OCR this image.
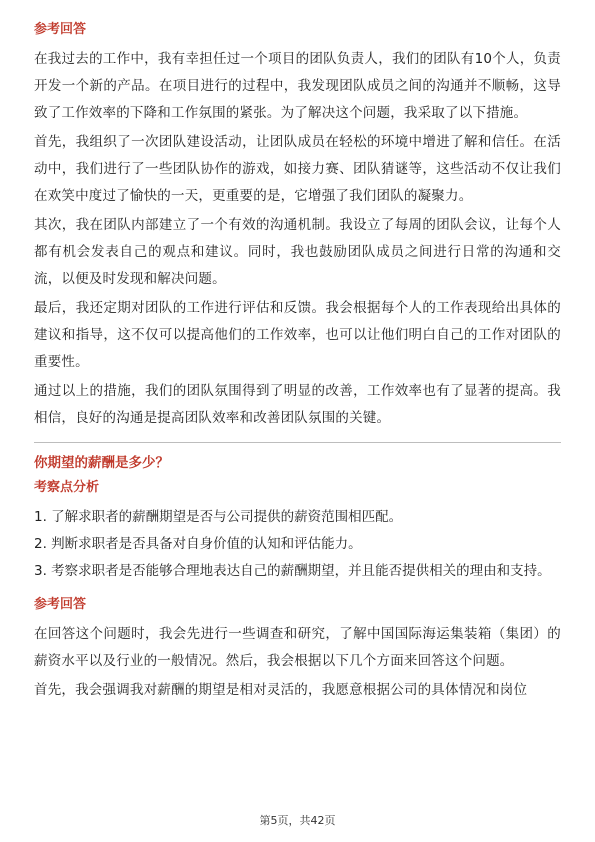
参考回答

在我过去的工作中，我有幸担任过一个项目的团队负责人，我们的团队有10个人，负责开发一个新的产品。在项目进行的过程中，我发现团队成员之间的沟通并不顺畅，这导致了工作效率的下降和工作氛围的紧张。为了解决这个问题，我采取了以下措施。

首先，我组织了一次团队建设活动，让团队成员在轻松的环境中增进了解和信任。在活动中，我们进行了一些团队协作的游戏，如接力赛、团队猜谜等，这些活动不仅让我们在欢笑中度过了愉快的一天，更重要的是，它增强了我们团队的凝聚力。

其次，我在团队内部建立了一个有效的沟通机制。我设立了每周的团队会议，让每个人都有机会发表自己的观点和建议。同时，我也鼓励团队成员之间进行日常的沟通和交流，以便及时发现和解决问题。

最后，我还定期对团队的工作进行评估和反馈。我会根据每个人的工作表现给出具体的建议和指导，这不仅可以提高他们的工作效率，也可以让他们明白自己的工作对团队的重要性。

通过以上的措施，我们的团队氛围得到了明显的改善，工作效率也有了显著的提高。我相信，良好的沟通是提高团队效率和改善团队氛围的关键。

你期望的薪酬是多少？
考察点分析

1. 了解求职者的薪酬期望是否与公司提供的薪资范围相匹配。

2. 判断求职者是否具备对自身价值的认知和评估能力。

3. 考察求职者是否能够合理地表达自己的薪酬期望，并且能否提供相关的理由和支持。

参考回答

在回答这个问题时，我会先进行一些调查和研究，了解中国国际海运集装箱（集团）的薪资水平以及行业的一般情况。然后，我会根据以下几个方面来回答这个问题。

首先，我会强调我对薪酬的期望是相对灵活的，我愿意根据公司的具体情况和岗位

第5页，共42页
